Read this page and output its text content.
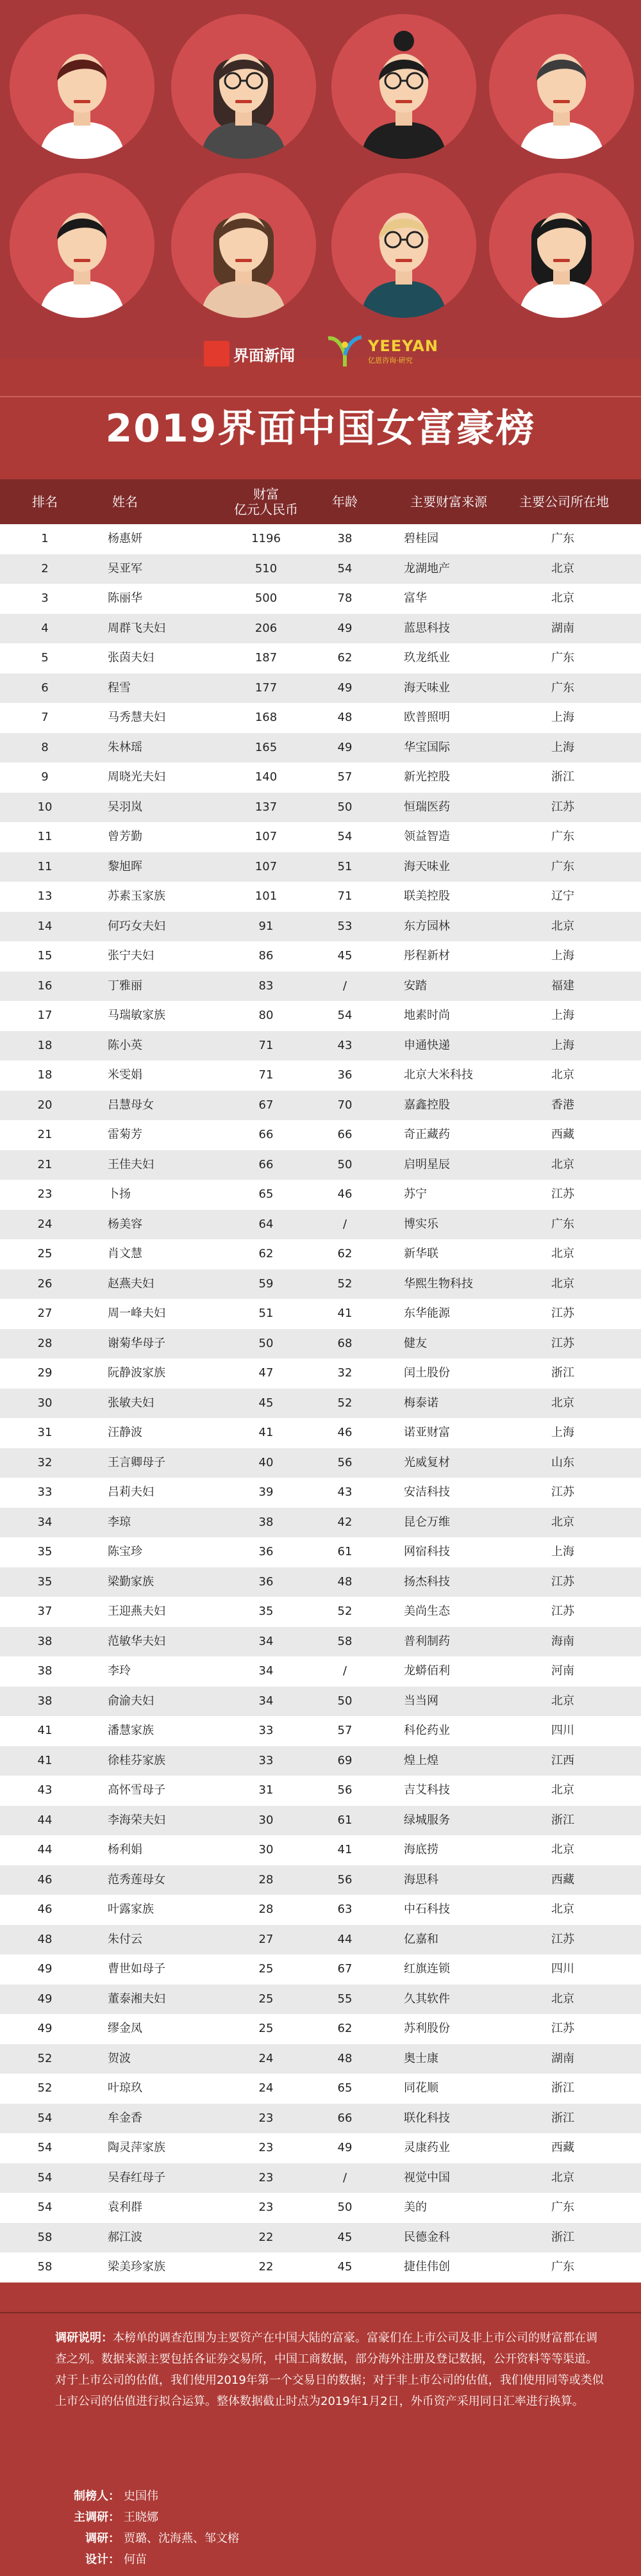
界面新闻
YEEYAN
亿恩咨询·研究
2019界面中国女富豪榜
排名	姓名	财富
亿元人民币	年龄	主要财富来源	主要公司所在地
1	杨惠妍	1196	38	碧桂园	广东
2	吴亚军	510	54	龙湖地产	北京
3	陈丽华	500	78	富华	北京
4	周群飞夫妇	206	49	蓝思科技	湖南
5	张茵夫妇	187	62	玖龙纸业	广东
6	程雪	177	49	海天味业	广东
7	马秀慧夫妇	168	48	欧普照明	上海
8	朱林瑶	165	49	华宝国际	上海
9	周晓光夫妇	140	57	新光控股	浙江
10	吴羽岚	137	50	恒瑞医药	江苏
11	曾芳勤	107	54	领益智造	广东
11	黎旭晖	107	51	海天味业	广东
13	苏素玉家族	101	71	联美控股	辽宁
14	何巧女夫妇	91	53	东方园林	北京
15	张宁夫妇	86	45	彤程新材	上海
16	丁雅丽	83	/	安踏	福建
17	马瑞敏家族	80	54	地素时尚	上海
18	陈小英	71	43	申通快递	上海
18	米雯娟	71	36	北京大米科技	北京
20	吕慧母女	67	70	嘉鑫控股	香港
21	雷菊芳	66	66	奇正藏药	西藏
21	王佳夫妇	66	50	启明星辰	北京
23	卜扬	65	46	苏宁	江苏
24	杨美容	64	/	博实乐	广东
25	肖文慧	62	62	新华联	北京
26	赵燕夫妇	59	52	华熙生物科技	北京
27	周一峰夫妇	51	41	东华能源	江苏
28	谢菊华母子	50	68	健友	江苏
29	阮静波家族	47	32	闰土股份	浙江
30	张敏夫妇	45	52	梅泰诺	北京
31	汪静波	41	46	诺亚财富	上海
32	王言卿母子	40	56	光威复材	山东
33	吕莉夫妇	39	43	安洁科技	江苏
34	李琼	38	42	昆仑万维	北京
35	陈宝珍	36	61	网宿科技	上海
35	梁勤家族	36	48	扬杰科技	江苏
37	王迎燕夫妇	35	52	美尚生态	江苏
38	范敏华夫妇	34	58	普利制药	海南
38	李玲	34	/	龙蟒佰利	河南
38	俞渝夫妇	34	50	当当网	北京
41	潘慧家族	33	57	科伦药业	四川
41	徐桂芬家族	33	69	煌上煌	江西
43	高怀雪母子	31	56	吉艾科技	北京
44	李海荣夫妇	30	61	绿城服务	浙江
44	杨利娟	30	41	海底捞	北京
46	范秀莲母女	28	56	海思科	西藏
46	叶露家族	28	63	中石科技	北京
48	朱付云	27	44	亿嘉和	江苏
49	曹世如母子	25	67	红旗连锁	四川
49	董泰湘夫妇	25	55	久其软件	北京
49	缪金凤	25	62	苏利股份	江苏
52	贺波	24	48	奥士康	湖南
52	叶琼玖	24	65	同花顺	浙江
54	牟金香	23	66	联化科技	浙江
54	陶灵萍家族	23	49	灵康药业	西藏
54	吴春红母子	23	/	视觉中国	北京
54	袁利群	23	50	美的	广东
58	郝江波	22	45	民德金科	浙江
58	梁美珍家族	22	45	捷佳伟创	广东
调研说明：本榜单的调查范围为主要资产在中国大陆的富豪。富豪们在上市公司及非上市公司的财富都在调查之列。数据来源主要包括各证券交易所，中国工商数据，部分海外注册及登记数据，公开资料等等渠道。对于上市公司的估值，我们使用2019年第一个交易日的数据；对于非上市公司的估值，我们使用同等或类似上市公司的估值进行拟合运算。整体数据截止时点为2019年1月2日，外币资产采用同日汇率进行换算。
制榜人： 史国伟
主调研： 王晓娜
调研： 贾璐、沈海燕、邹文榕
设计： 何苗
